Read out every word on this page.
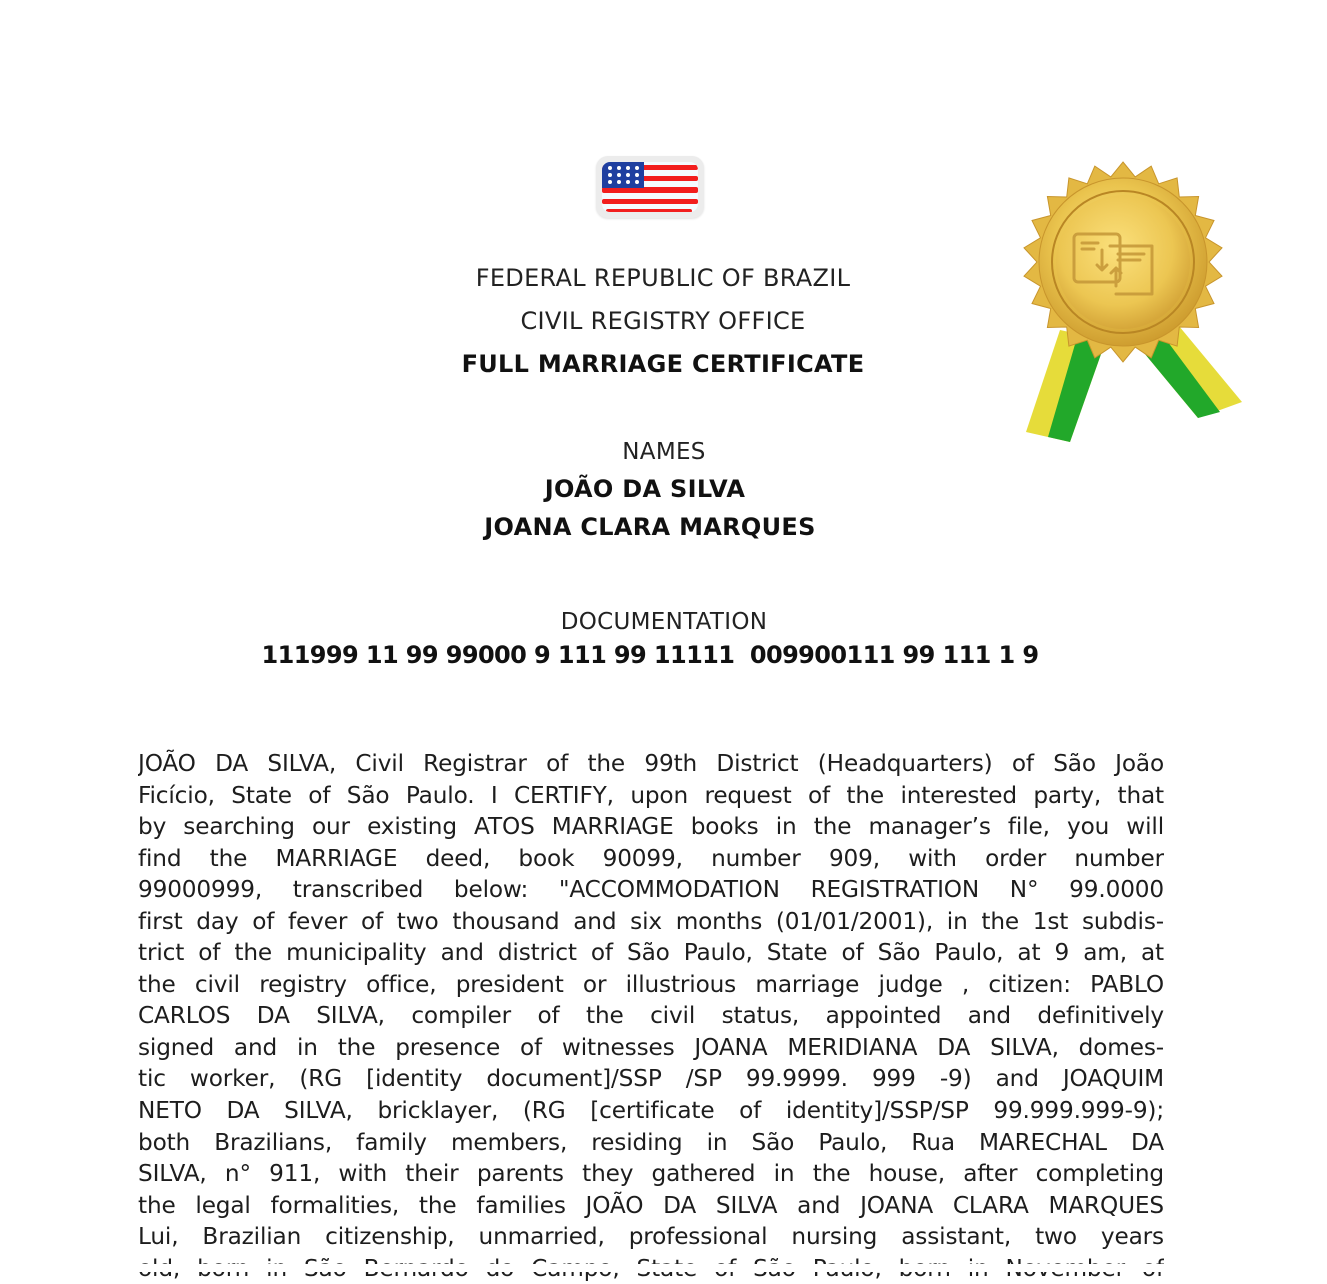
FEDERAL REPUBLIC OF BRAZIL
CIVIL REGISTRY OFFICE
FULL MARRIAGE CERTIFICATE
NAMES
JOÃO DA SILVA
JOANA CLARA MARQUES
DOCUMENTATION
111999 11 99 99000 9 111 99 11111  009900111 99 111 1 9
JOÃO DA SILVA, Civil Registrar of the 99th District (Headquarters) of São João
Ficício, State of São Paulo. I CERTIFY, upon request of the interested party, that
by searching our existing ATOS MARRIAGE books in the manager’s file, you will
find the MARRIAGE deed, book 90099, number 909, with order number
99000999, transcribed below: "ACCOMMODATION REGISTRATION N° 99.0000
first day of fever of two thousand and six months (01/01/2001), in the 1st subdis-
trict of the municipality and district of São Paulo, State of São Paulo, at 9 am, at
the civil registry office, president or illustrious marriage judge , citizen: PABLO
CARLOS DA SILVA, compiler of the civil status, appointed and definitively
signed and in the presence of witnesses JOANA MERIDIANA DA SILVA, domes-
tic worker, (RG [identity document]/SSP /SP 99.9999. 999 -9) and JOAQUIM
NETO DA SILVA, bricklayer, (RG [certificate of identity]/SSP/SP 99.999.999-9);
both Brazilians, family members, residing in São Paulo, Rua MARECHAL DA
SILVA, n° 911, with their parents they gathered in the house, after completing
the legal formalities, the families JOÃO DA SILVA and JOANA CLARA MARQUES
Lui, Brazilian citizenship, unmarried, professional nursing assistant, two years
